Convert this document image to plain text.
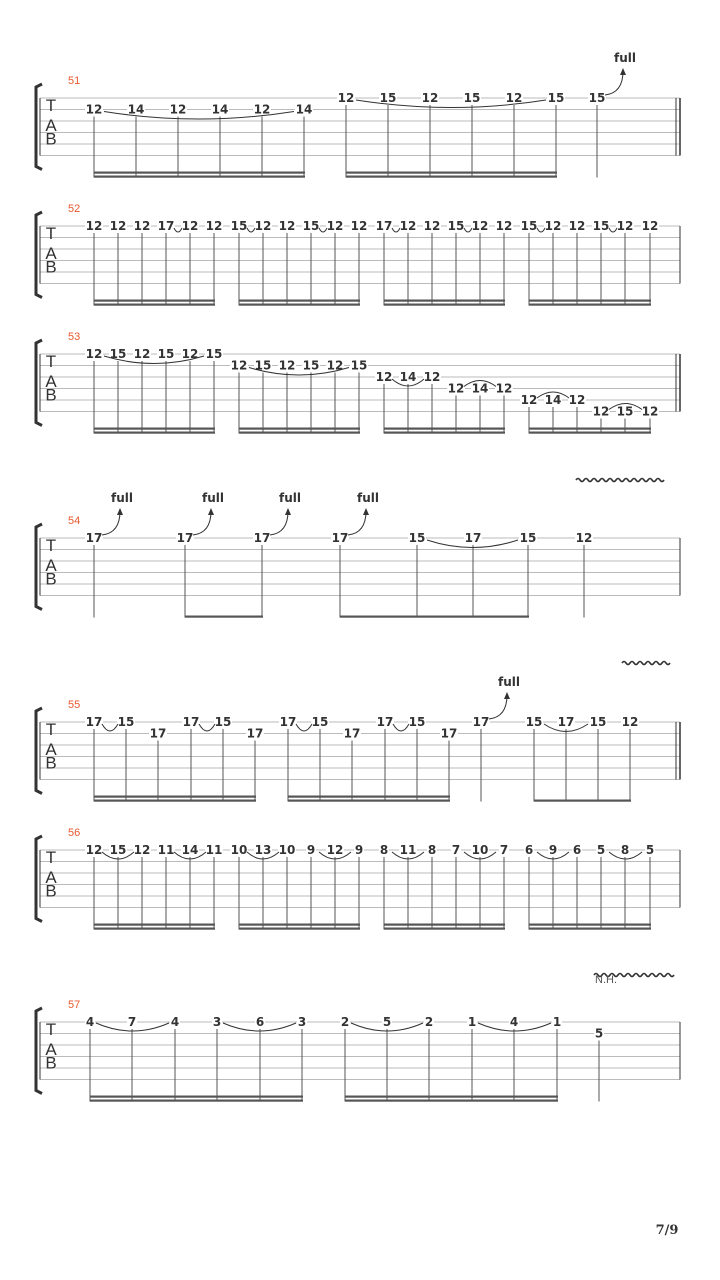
T
A
B
51
12 14 12 14 12 14
12 15 12 15 12 15 15
full
T
A
B
52
12 12 12 17 12 12 15 12 12 15 12 12 17 12 12 15 12 12 15 12 12 15 12 12
T
A
B
53
12 15 12 15 12 15
12 15 12 15 12 15
12 14 12
12 14 12
12 14 12
12 15 12
T
A
B
54
17
full
17
full
17
full
17
full
15	17	15	12
T
A
B
55
17 15
17
17 15
17
17 15
17
17 15
17
17
full
15 17 15 12
T
A
B
56
12 15 12 11 14 11 10 13 10 9 12 9 8 11 8 7 10 7 6 9 6 5 8 5
T
A
B
57
N.H.
4	7	4	3	6	3	2	5	2	1	4	1
5
7/9
